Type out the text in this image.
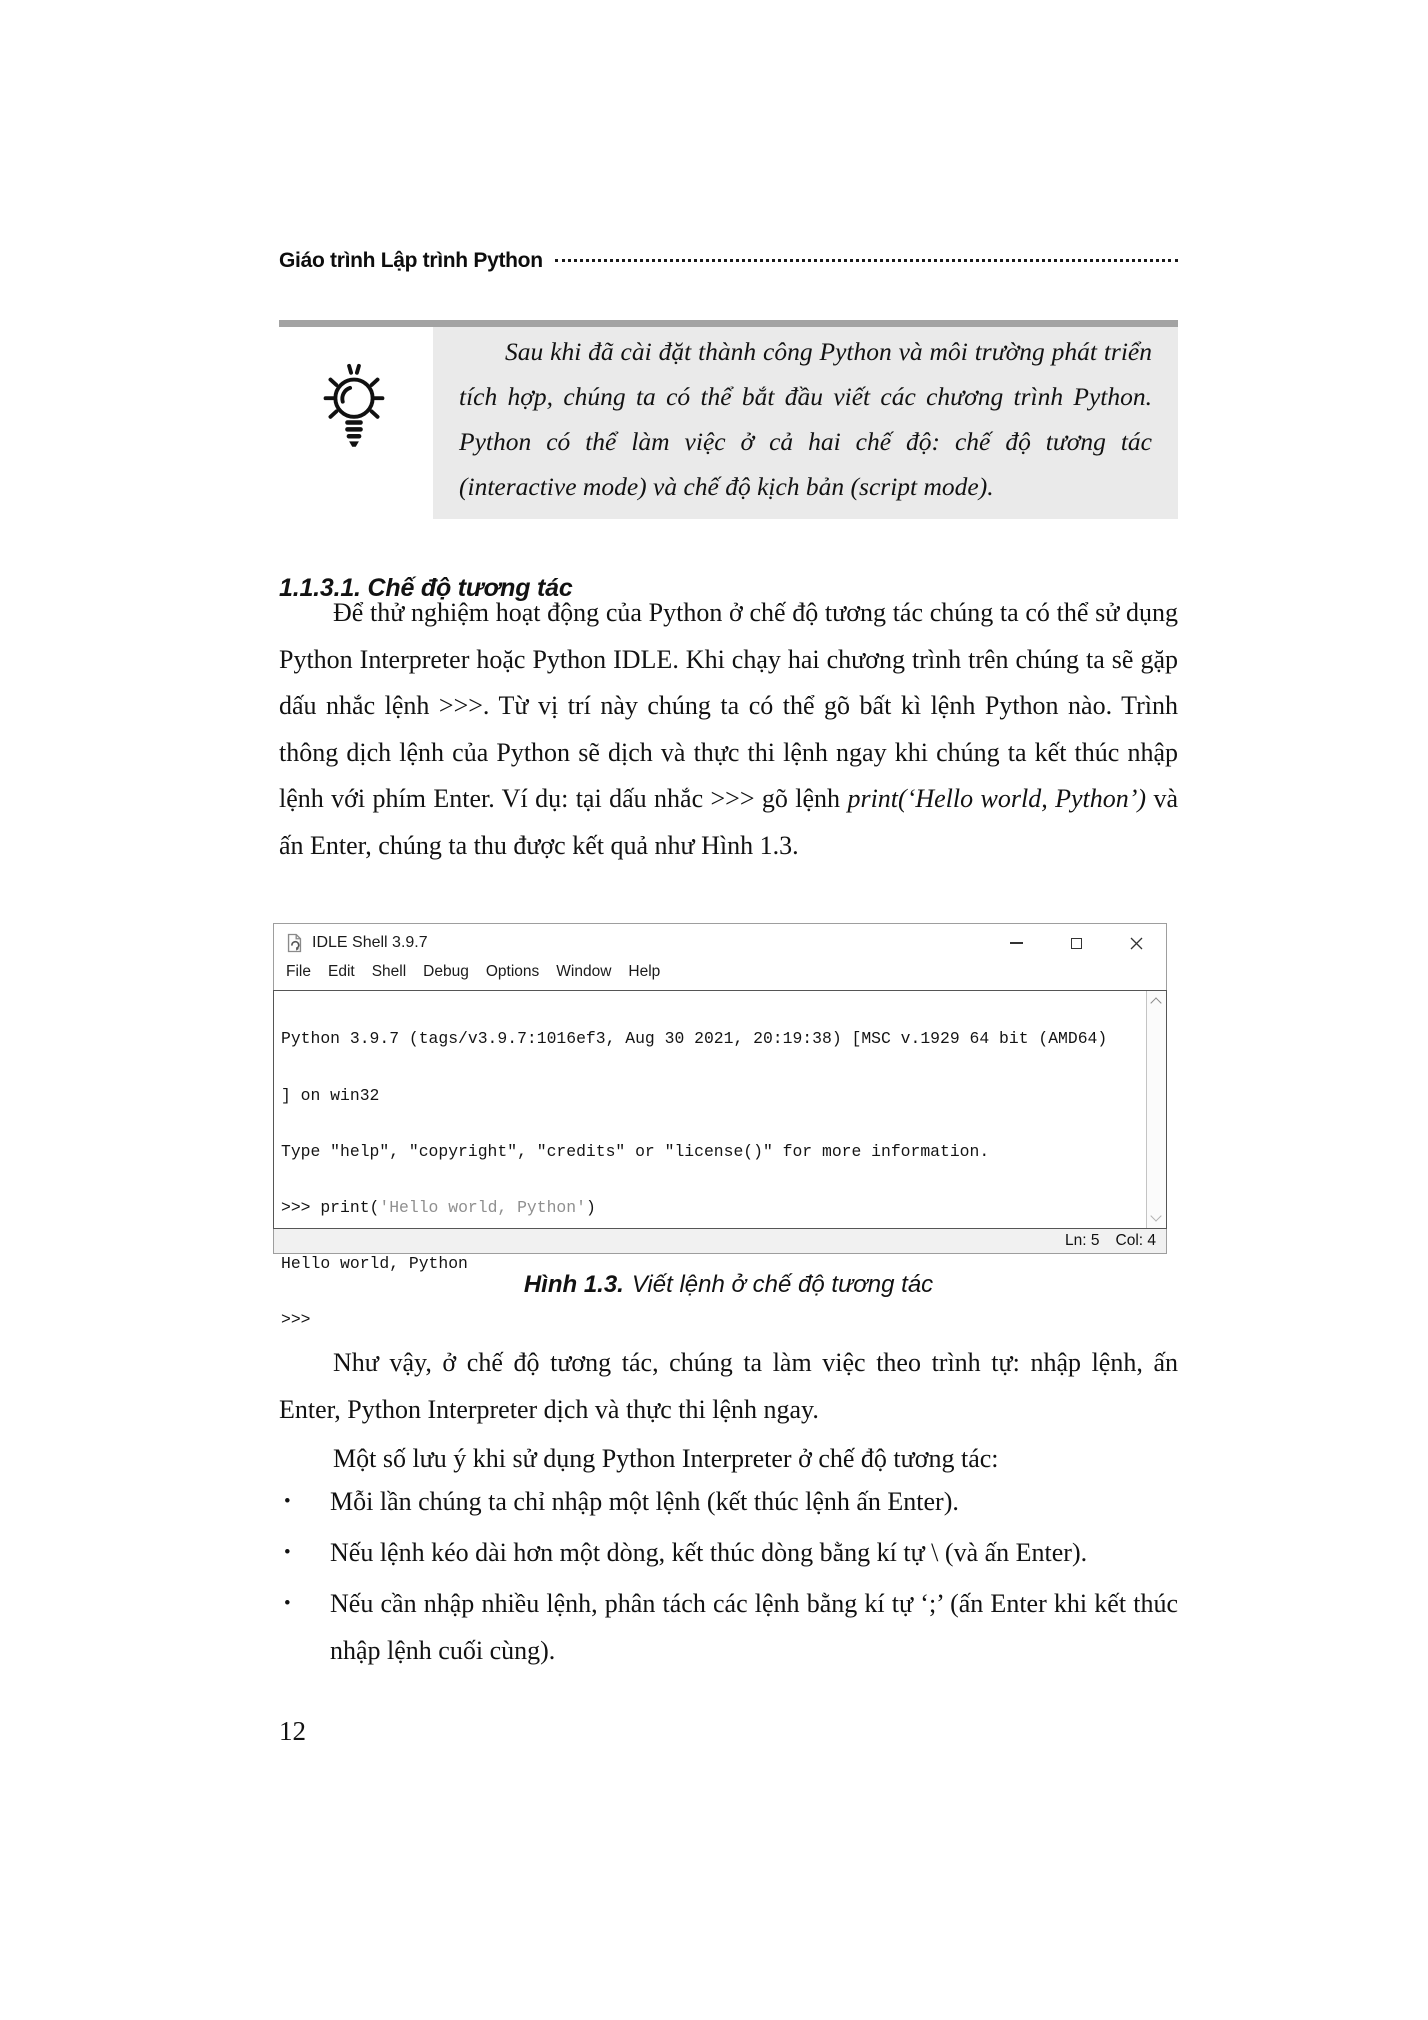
Giáo trình Lập trình Python

Sau khi đã cài đặt thành công Python và môi trường phát triển tích hợp, chúng ta có thể bắt đầu viết các chương trình Python. Python có thể làm việc ở cả hai chế độ: chế độ tương tác (interactive mode) và chế độ kịch bản (script mode).

1.1.3.1. Chế độ tương tác

Để thử nghiệm hoạt động của Python ở chế độ tương tác chúng ta có thể sử dụng Python Interpreter hoặc Python IDLE. Khi chạy hai chương trình trên chúng ta sẽ gặp dấu nhắc lệnh >>>. Từ vị trí này chúng ta có thể gõ bất kì lệnh Python nào. Trình thông dịch lệnh của Python sẽ dịch và thực thi lệnh ngay khi chúng ta kết thúc nhập lệnh với phím Enter. Ví dụ: tại dấu nhắc >>> gõ lệnh print(‘Hello world, Python’) và ấn Enter, chúng ta thu được kết quả như Hình 1.3.

IDLE Shell 3.9.7
File Edit Shell Debug Options Window Help

Python 3.9.7 (tags/v3.9.7:1016ef3, Aug 30 2021, 20:19:38) [MSC v.1929 64 bit (AMD64)

] on win32

Type "help", "copyright", "credits" or "license()" for more information.

>>> print('Hello world, Python')

Hello world, Python

>>>

Ln: 5 Col: 4
Hình 1.3. Viết lệnh ở chế độ tương tác

Như vậy, ở chế độ tương tác, chúng ta làm việc theo trình tự: nhập lệnh, ấn Enter, Python Interpreter dịch và thực thi lệnh ngay.

Một số lưu ý khi sử dụng Python Interpreter ở chế độ tương tác:

•	Mỗi lần chúng ta chỉ nhập một lệnh (kết thúc lệnh ấn Enter).
•	Nếu lệnh kéo dài hơn một dòng, kết thúc dòng bằng kí tự \ (và ấn Enter).
•	Nếu cần nhập nhiều lệnh, phân tách các lệnh bằng kí tự ‘;’ (ấn Enter khi kết thúc nhập lệnh cuối cùng).
12
